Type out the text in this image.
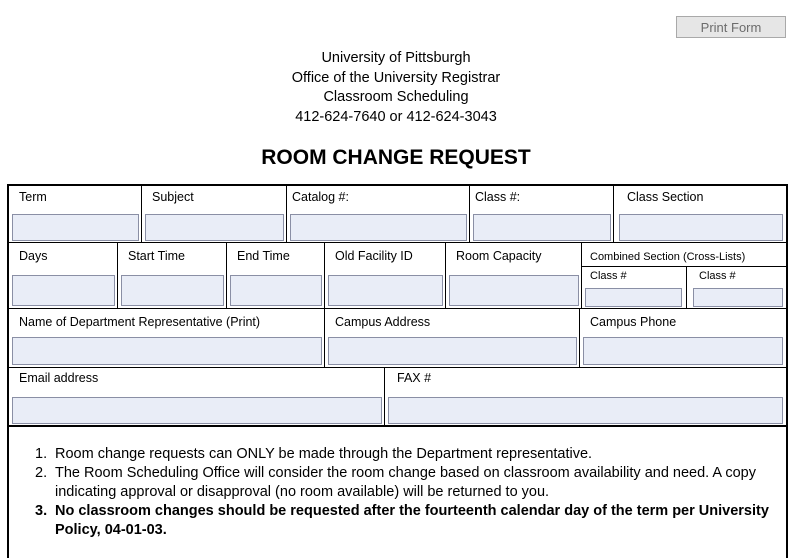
Print Form
University of Pittsburgh
Office of the University Registrar
Classroom Scheduling
412-624-7640 or 412-624-3043
ROOM CHANGE REQUEST
Term	Subject	Catalog #:	Class #:	Class Section
Days	Start Time	End Time	Old Facility ID	Room Capacity	Combined Section (Cross-Lists)
Class #	Class #
Name of Department Representative (Print)	Campus Address	Campus Phone
Email address	FAX #
1. Room change requests can ONLY be made through the Department representative.
2. The Room Scheduling Office will consider the room change based on classroom availability and need. A copy indicating approval or disapproval (no room available) will be returned to you.
3. No classroom changes should be requested after the fourteenth calendar day of the term per University Policy, 04-01-03.
